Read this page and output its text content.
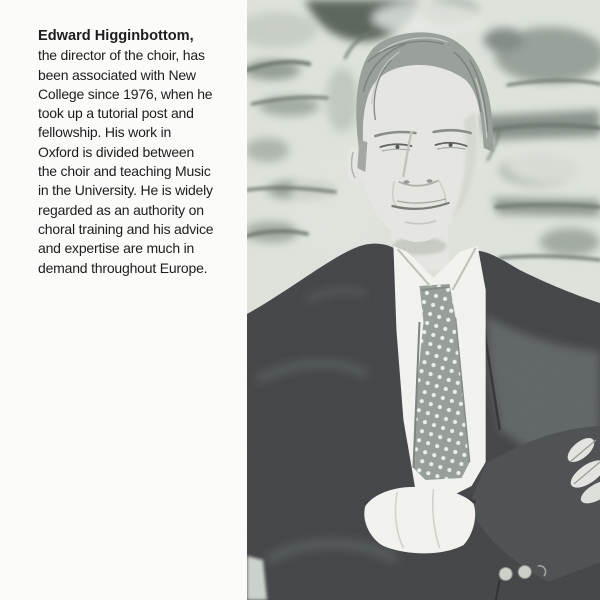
Edward Higginbottom,

the director of the choir, has

been associated with New

College since 1976, when he

took up a tutorial post and

fellowship. His work in

Oxford is divided between

the choir and teaching Music

in the University. He is widely

regarded as an authority on

choral training and his advice

and expertise are much in

demand throughout Europe.
